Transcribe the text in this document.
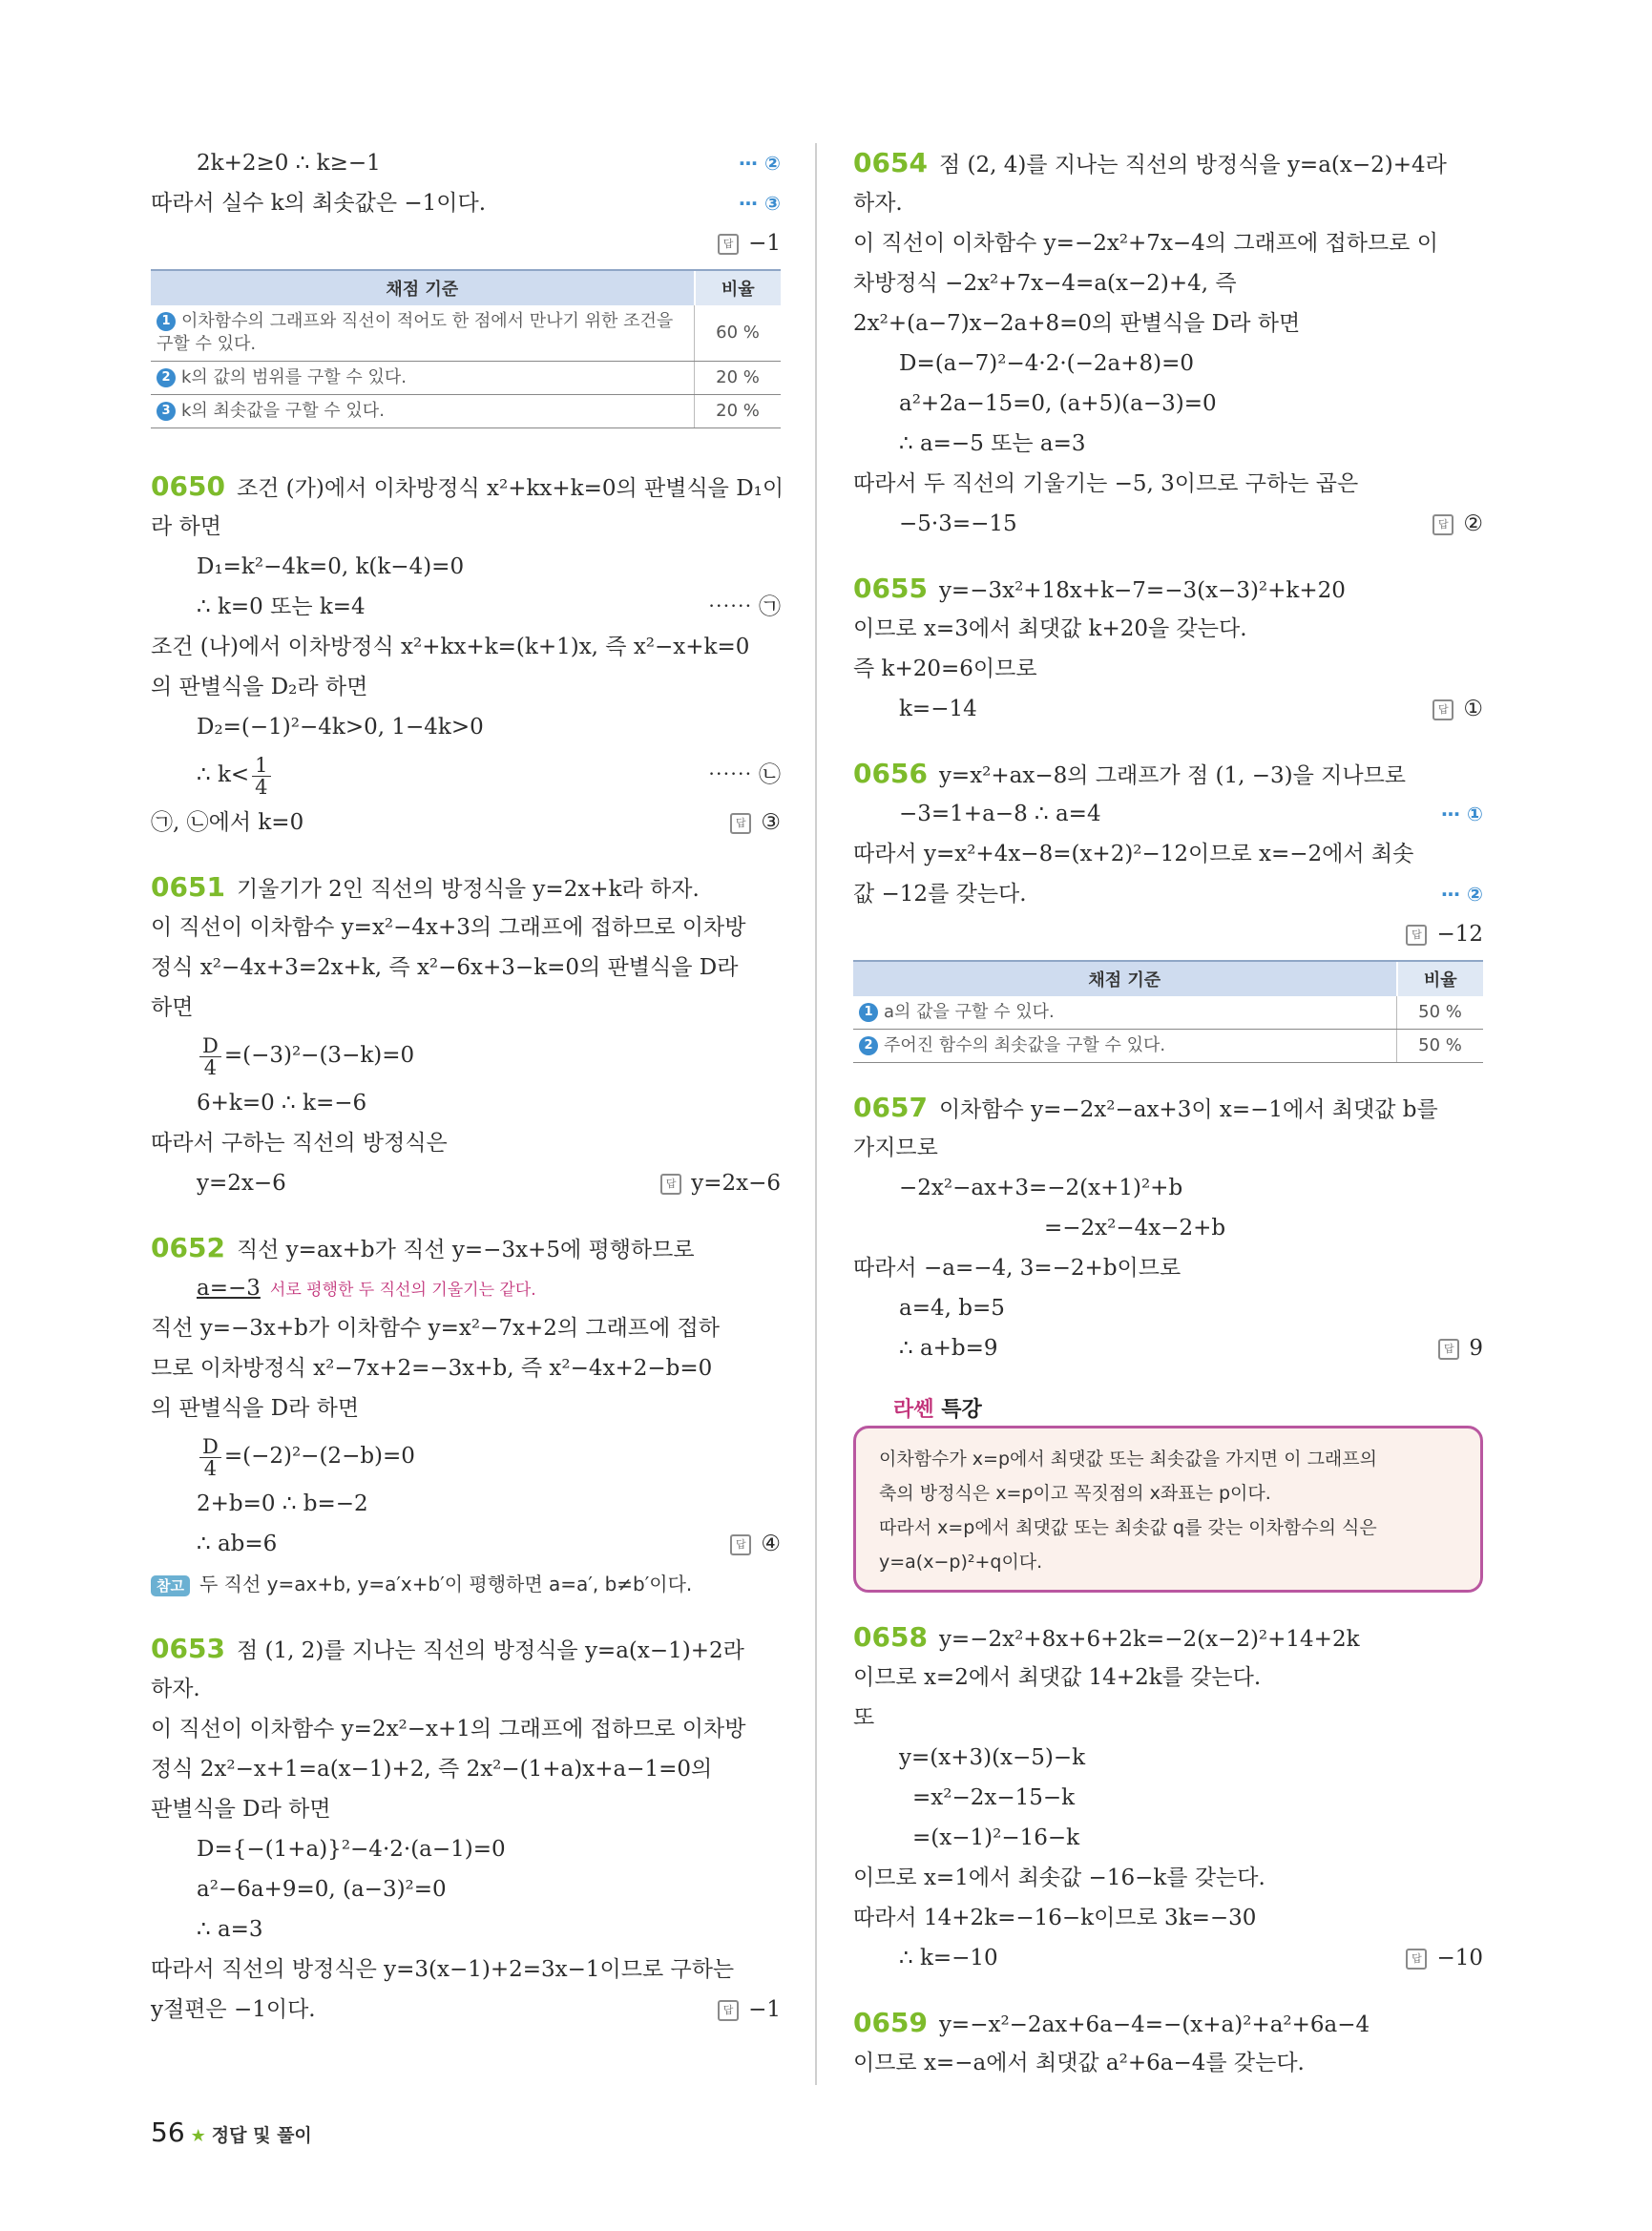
2k+2≥0 ∴ k≥−1	⋯ ②
따라서 실수 k의 최솟값은 −1이다.	⋯ ③
답 −1
채점 기준	비율
1 이차함수의 그래프와 직선이 적어도 한 점에서 만나기 위한 조건을 구할 수 있다.	60 %
2 k의 값의 범위를 구할 수 있다.	20 %
3 k의 최솟값을 구할 수 있다.	20 %
0650 조건 (가)에서 이차방정식 x²+kx+k=0의 판별식을 D₁이
라 하면
D₁=k²−4k=0, k(k−4)=0
∴ k=0 또는 k=4	⋯⋯ ㉠
조건 (나)에서 이차방정식 x²+kx+k=(k+1)x, 즉 x²−x+k=0
의 판별식을 D₂라 하면
D₂=(−1)²−4k>0, 1−4k>0
∴ $k< \frac{1}{4}$	⋯⋯ ㉡
㉠, ㉡에서 k=0	답 ③
0651 기울기가 2인 직선의 방정식을 y=2x+k라 하자.
이 직선이 이차함수 y=x²−4x+3의 그래프에 접하므로 이차방
정식 x²−4x+3=2x+k, 즉 x²−6x+3−k=0의 판별식을 D라
하면
$\frac{D}{4} =(-3)^2-(3-k)=0$
6+k=0 ∴ k=−6
따라서 구하는 직선의 방정식은
y=2x−6	답 y=2x−6
0652 직선 y=ax+b가 직선 y=−3x+5에 평행하므로
a=−3 서로 평행한 두 직선의 기울기는 같다.
직선 y=−3x+b가 이차함수 y=x²−7x+2의 그래프에 접하
므로 이차방정식 x²−7x+2=−3x+b, 즉 x²−4x+2−b=0
의 판별식을 D라 하면
$\frac{D}{4} =(-2)^2-(2-b)=0$
2+b=0 ∴ b=−2
∴ ab=6	답 ④
참고 두 직선 y=ax+b, y=a′x+b′이 평행하면 a=a′, b≠b′이다.
0653 점 (1, 2)를 지나는 직선의 방정식을 y=a(x−1)+2라
하자.
이 직선이 이차함수 y=2x²−x+1의 그래프에 접하므로 이차방
정식 2x²−x+1=a(x−1)+2, 즉 2x²−(1+a)x+a−1=0의
판별식을 D라 하면
D={−(1+a)}²−4·2·(a−1)=0
a²−6a+9=0, (a−3)²=0
∴ a=3
따라서 직선의 방정식은 y=3(x−1)+2=3x−1이므로 구하는
y절편은 −1이다.	답 −1
0654 점 (2, 4)를 지나는 직선의 방정식을 y=a(x−2)+4라
하자.
이 직선이 이차함수 y=−2x²+7x−4의 그래프에 접하므로 이
차방정식 −2x²+7x−4=a(x−2)+4, 즉
2x²+(a−7)x−2a+8=0의 판별식을 D라 하면
D=(a−7)²−4·2·(−2a+8)=0
a²+2a−15=0, (a+5)(a−3)=0
∴ a=−5 또는 a=3
따라서 두 직선의 기울기는 −5, 3이므로 구하는 곱은
−5·3=−15	답 ②
0655 y=−3x²+18x+k−7=−3(x−3)²+k+20
이므로 x=3에서 최댓값 k+20을 갖는다.
즉 k+20=6이므로
k=−14	답 ①
0656 y=x²+ax−8의 그래프가 점 (1, −3)을 지나므로
−3=1+a−8 ∴ a=4	⋯ ①
따라서 y=x²+4x−8=(x+2)²−12이므로 x=−2에서 최솟
값 −12를 갖는다.	⋯ ②
답 −12
채점 기준	비율
1 a의 값을 구할 수 있다.	50 %
2 주어진 함수의 최솟값을 구할 수 있다.	50 %
0657 이차함수 y=−2x²−ax+3이 x=−1에서 최댓값 b를
가지므로
−2x²−ax+3=−2(x+1)²+b
=−2x²−4x−2+b
따라서 −a=−4, 3=−2+b이므로
a=4, b=5
∴ a+b=9	답 9
이차함수가 x=p에서 최댓값 또는 최솟값을 가지면 이 그래프의
축의 방정식은 x=p이고 꼭짓점의 x좌표는 p이다.
따라서 x=p에서 최댓값 또는 최솟값 q를 갖는 이차함수의 식은
y=a(x−p)²+q이다.
라쎈 특강
0658 y=−2x²+8x+6+2k=−2(x−2)²+14+2k
이므로 x=2에서 최댓값 14+2k를 갖는다.
또
y=(x+3)(x−5)−k
=x²−2x−15−k
=(x−1)²−16−k
이므로 x=1에서 최솟값 −16−k를 갖는다.
따라서 14+2k=−16−k이므로 3k=−30
∴ k=−10	답 −10
0659 y=−x²−2ax+6a−4=−(x+a)²+a²+6a−4
이므로 x=−a에서 최댓값 a²+6a−4를 갖는다.
56 ★ 정답 및 풀이
